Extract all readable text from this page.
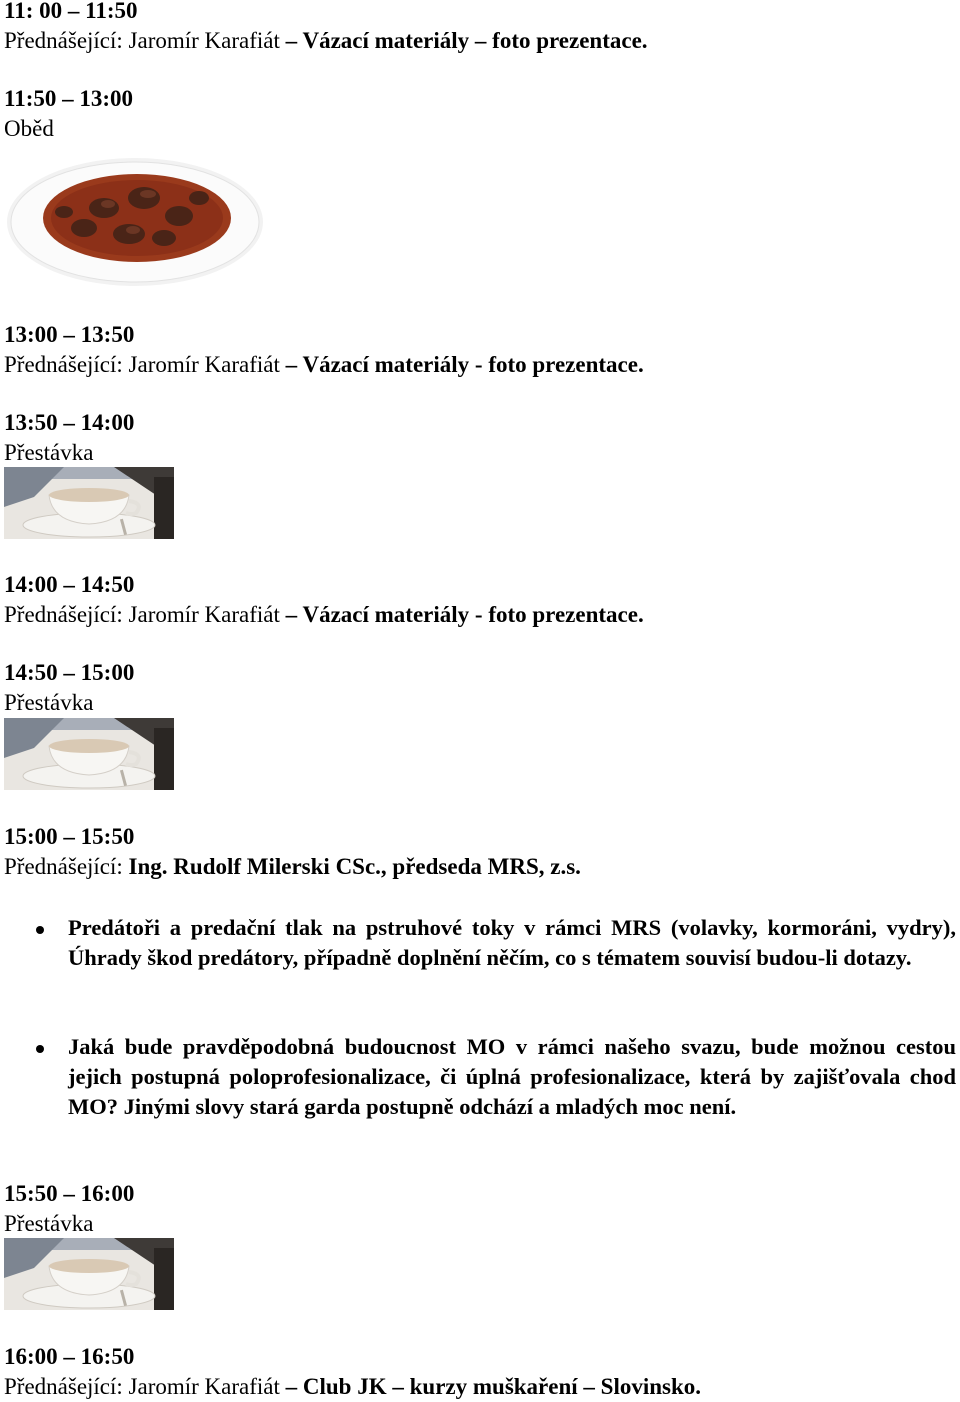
11: 00 – 11:50
Přednášející: Jaromír Karafiát – Vázací materiály – foto prezentace.
11:50 – 13:00
Oběd
13:00 – 13:50
Přednášející: Jaromír Karafiát – Vázací materiály - foto prezentace.
13:50 – 14:00
Přestávka
14:00 – 14:50
Přednášející: Jaromír Karafiát – Vázací materiály - foto prezentace.
14:50 – 15:00
Přestávka
15:00 – 15:50
Přednášející: Ing. Rudolf Milerski CSc., předseda MRS, z.s.
Predátoři a predační tlak na pstruhové toky v rámci MRS (volavky, kormoráni, vydry), Úhrady škod predátory, případně doplnění něčím, co s tématem souvisí budou-li dotazy.
Jaká bude pravděpodobná budoucnost MO v rámci našeho svazu, bude možnou cestou jejich postupná poloprofesionalizace, či úplná profesionalizace, která by zajišťovala chod MO? Jinými slovy stará garda postupně odchází a mladých moc není.
15:50 – 16:00
Přestávka
16:00 – 16:50
Přednášející: Jaromír Karafiát – Club JK – kurzy muškaření – Slovinsko.
